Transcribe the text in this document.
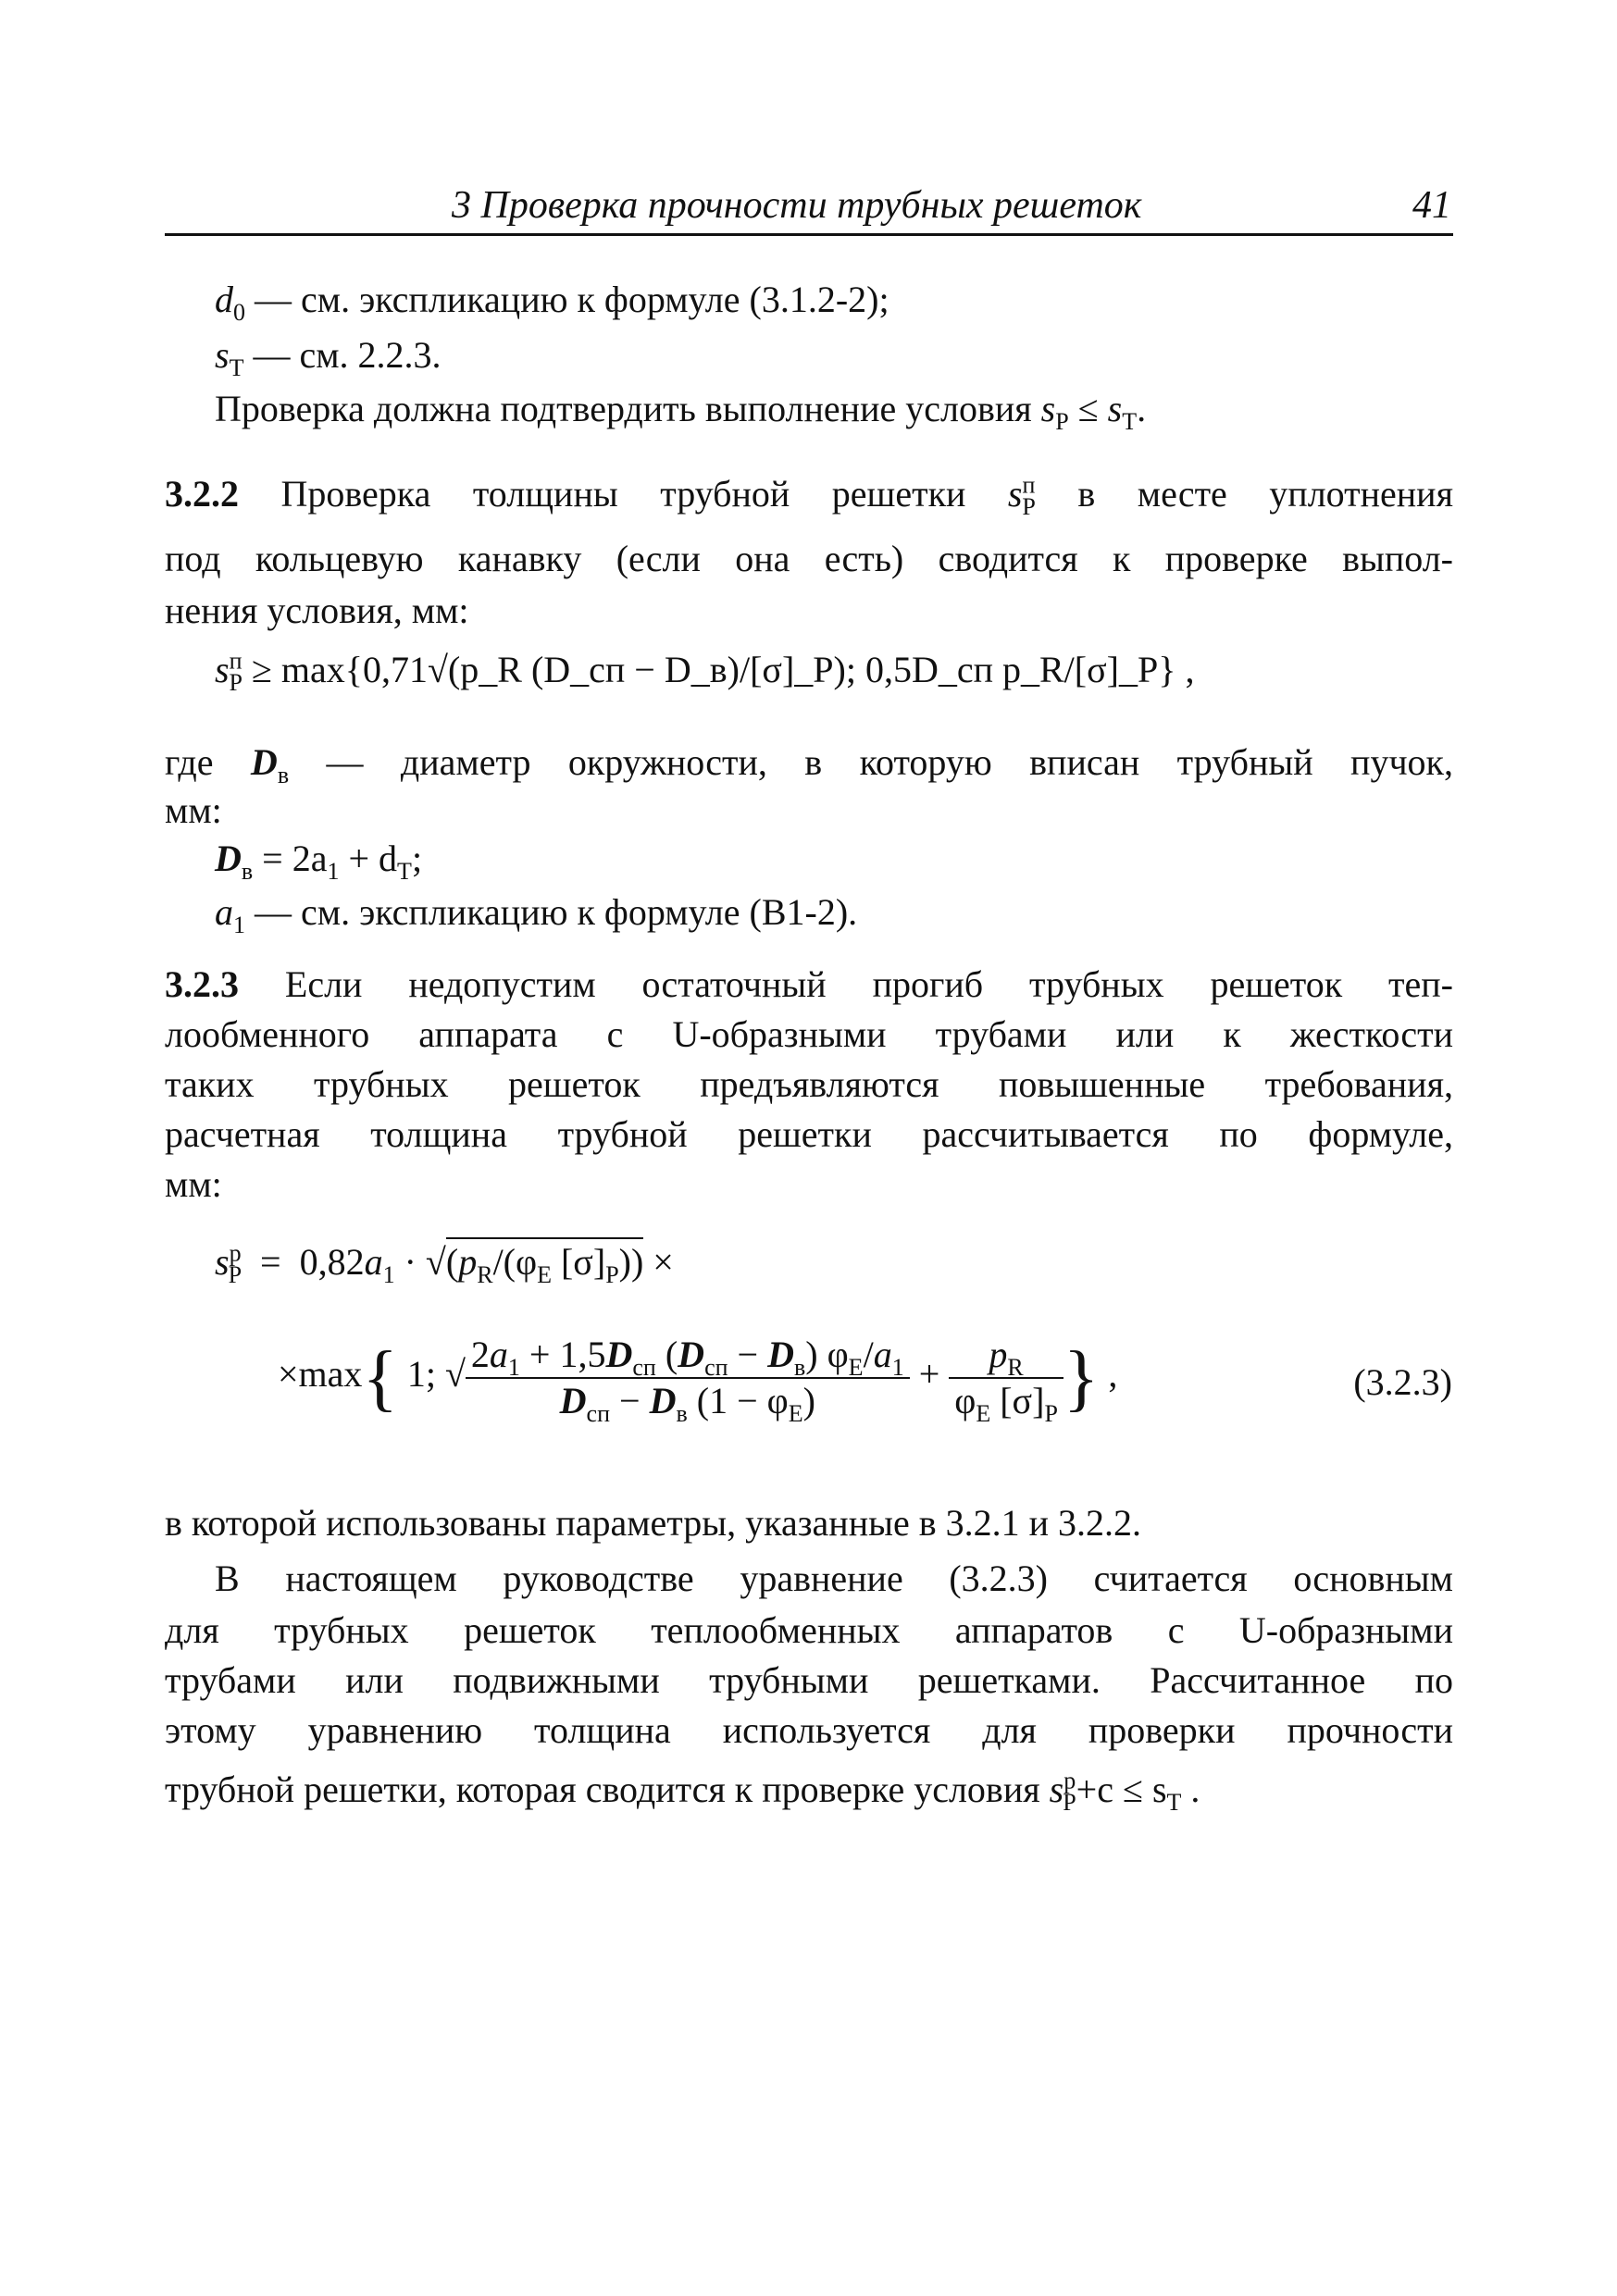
3 Проверка прочности трубных решеток	41
$d_0$ — см. экспликацию к формуле (3.1.2-2);
$s_T$ — см. 2.2.3.
Проверка должна подтвердить выполнение условия $s_P \le s_T$.
3.2.2 Проверка толщины трубной решетки $s^п_P$ в месте уплотнения
под кольцевую канавку (если она есть) сводится к проверке выпол-
нения условия, мм:
$s^п_P$ ≥ max{0,71√(p_R (D_сп − D_в)/[σ]_P); 0,5D_сп p_R/[σ]_P} ,
где $D_в$ — диаметр окружности, в которую вписан трубный пучок,
мм:
$D_в = 2a_1 + d_T$;
$a_1$ — см. экспликацию к формуле (В1-2).
3.2.3 Если недопустим остаточный прогиб трубных решеток теп-
лообменного аппарата с U-образными трубами или к жесткости
таких трубных решеток предъявляются повышенные требования,
расчетная толщина трубной решетки рассчитывается по формуле,
мм:
$s^р_P = 0,82a_1 \cdot √(p_R/(\varphi_E$ $[\sigma]_P$)) ×
×max{ 1; √ $\frac{2a_1 + 1,5D_{сп} (D_{сп} - D_в) \varphi_E/a_1}{D_{сп} - D_в (1 - \varphi_E)} + \frac{p_R}{\varphi_E [\sigma]_P}$ } ,	(3.2.3)
в которой использованы параметры, указанные в 3.2.1 и 3.2.2.
В настоящем руководстве уравнение (3.2.3) считается основным
для трубных решеток теплообменных аппаратов с U-образными
трубами или подвижными трубными решетками. Рассчитанное по
этому уравнению толщина используется для проверки прочности
трубной решетки, которая сводится к проверке условия $s^р_P+c \le s_T$ .
